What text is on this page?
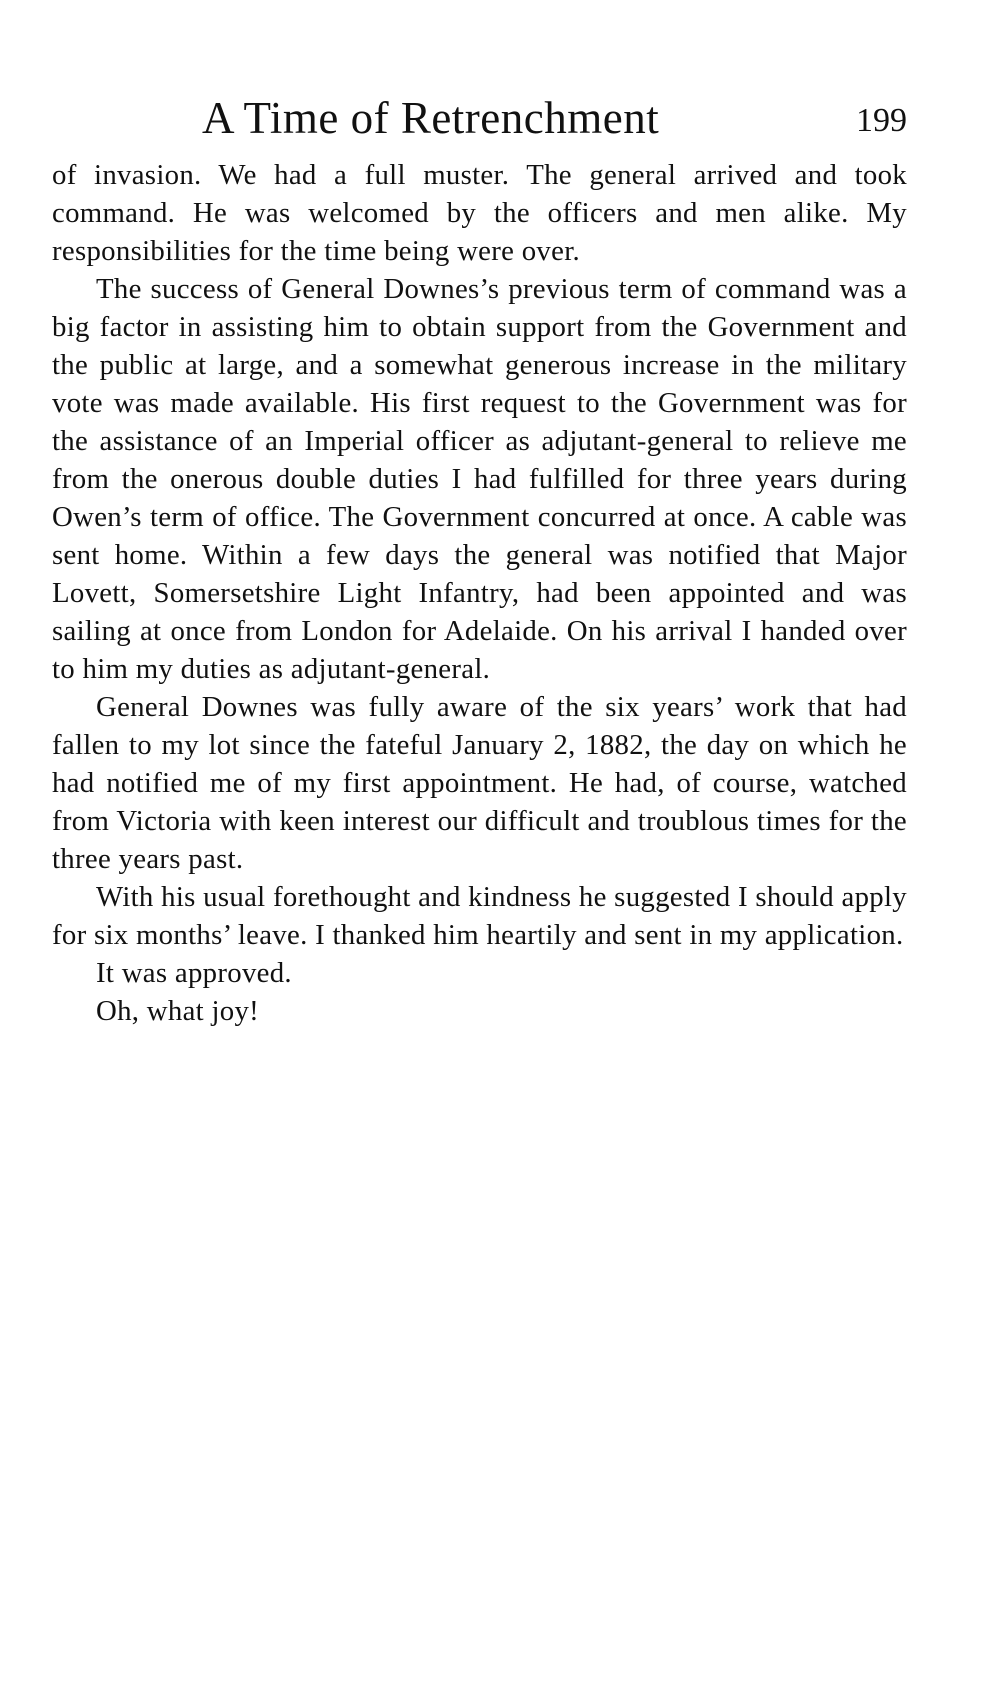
A Time of Retrenchment	199

of invasion. We had a full muster. The general arrived and took command. He was welcomed by the officers and men alike. My responsibilities for the time being were over.

The success of General Downes’s previous term of command was a big factor in assisting him to obtain support from the Government and the public at large, and a somewhat generous increase in the military vote was made available. His first request to the Government was for the assistance of an Imperial officer as adjutant-general to relieve me from the onerous double duties I had fulfilled for three years during Owen’s term of office. The Government concurred at once. A cable was sent home. Within a few days the general was notified that Major Lovett, Somersetshire Light Infantry, had been appointed and was sailing at once from London for Adelaide. On his arrival I handed over to him my duties as adjutant-general.

General Downes was fully aware of the six years’ work that had fallen to my lot since the fateful January 2, 1882, the day on which he had notified me of my first appointment. He had, of course, watched from Victoria with keen interest our difficult and troublous times for the three years past.

With his usual forethought and kindness he suggested I should apply for six months’ leave. I thanked him heartily and sent in my application.

It was approved.

Oh, what joy!
